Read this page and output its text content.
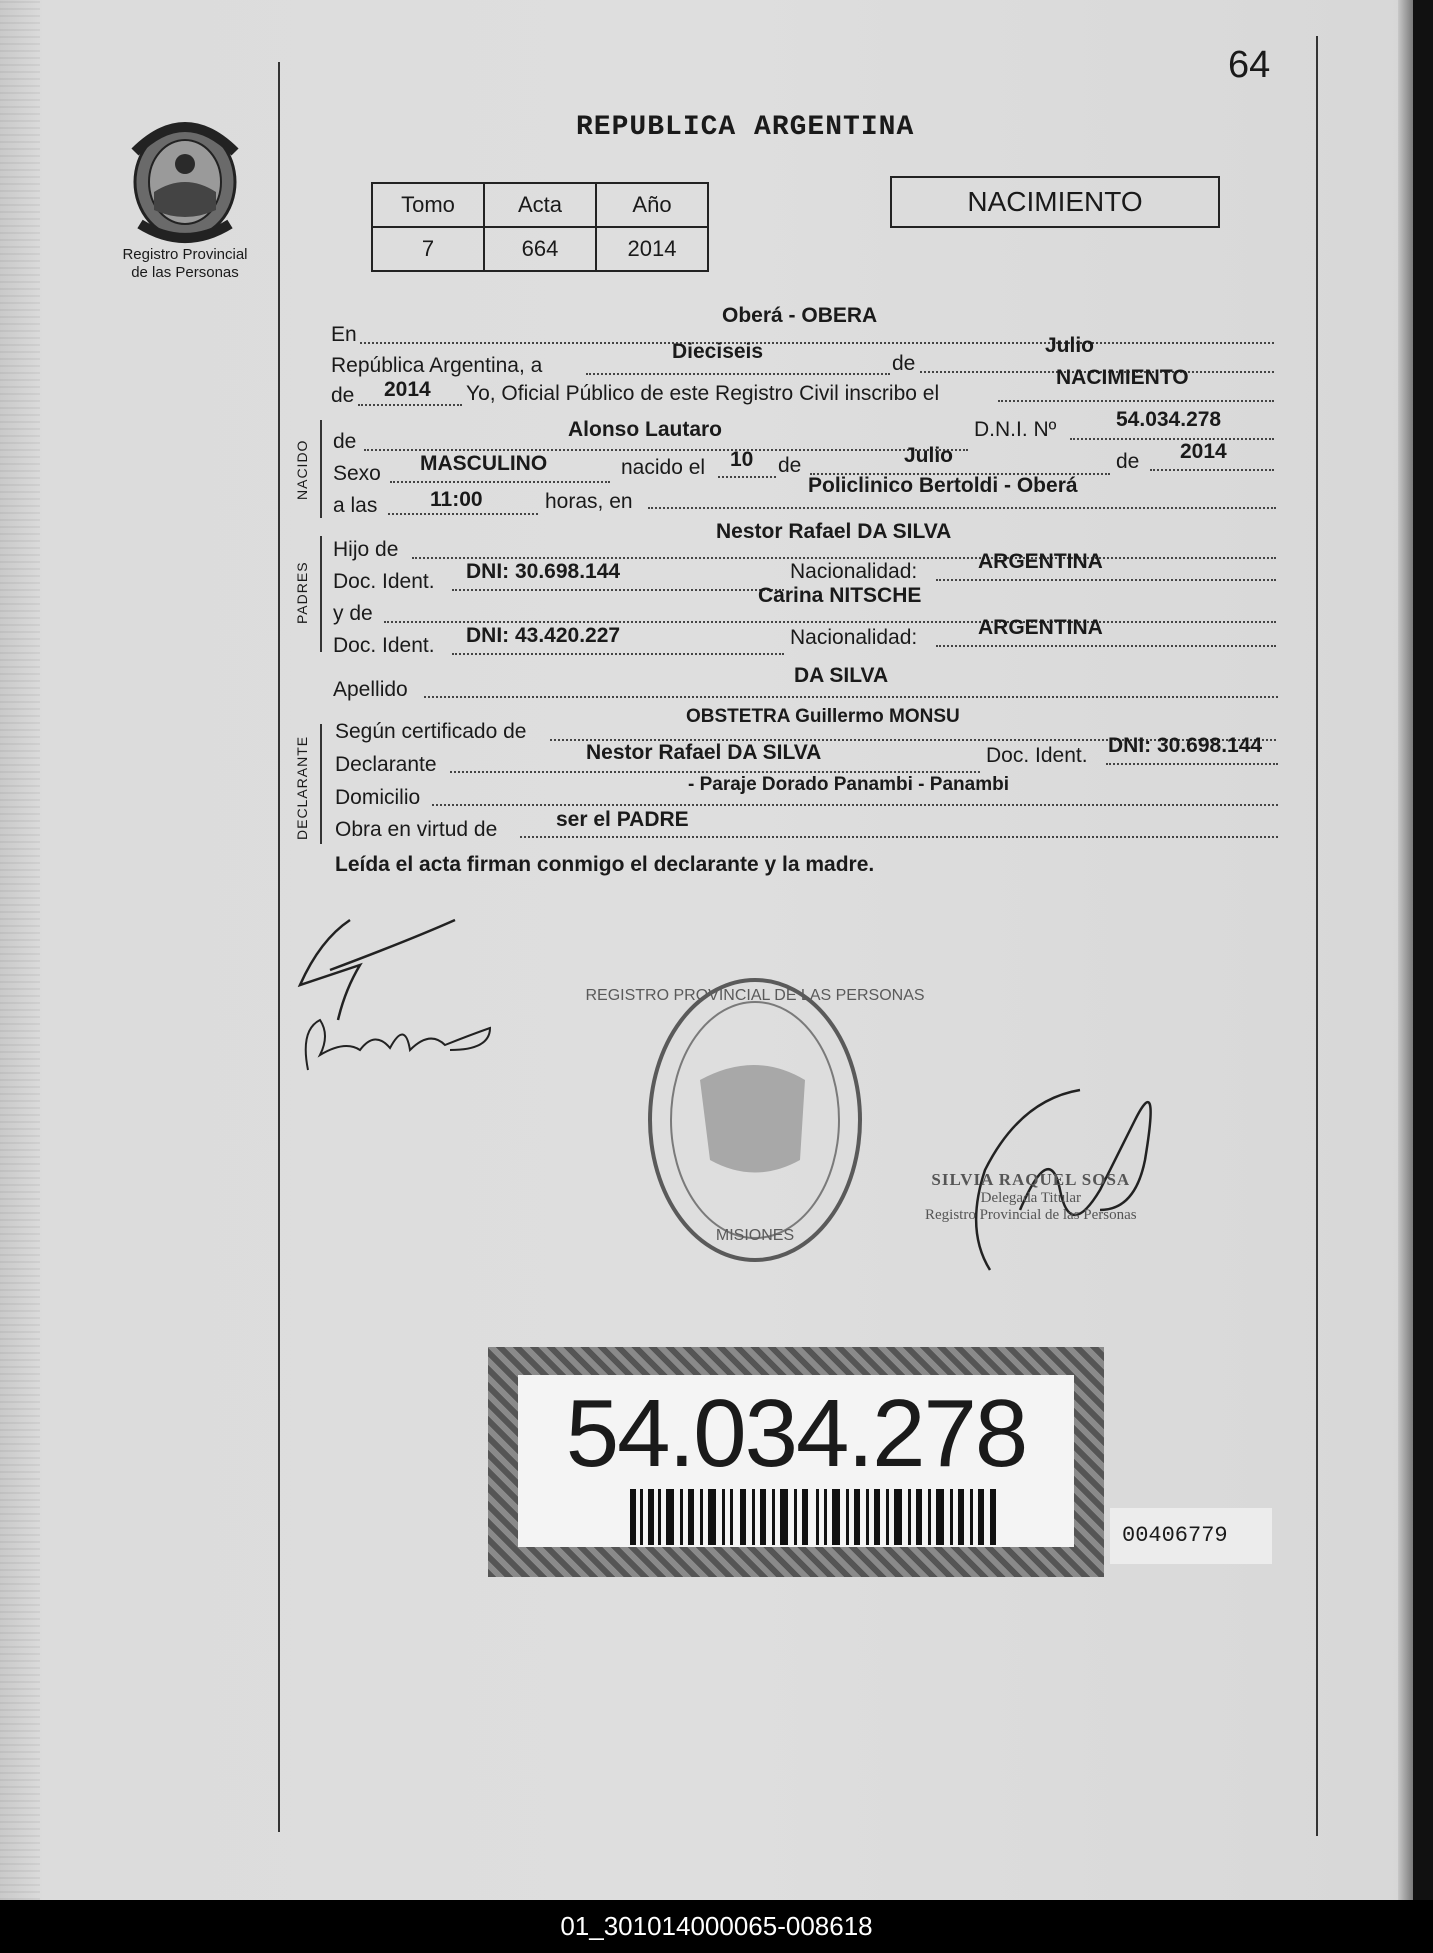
64
Registro Provincial
de las Personas
REPUBLICA ARGENTINA
Tomo	Acta	Año
7	664	2014
NACIMIENTO
En
Oberá - OBERA
República Argentina, a
Dieciseis
de
Julio
de 2014 Yo, Oficial Público de este Registro Civil inscribo el
NACIMIENTO
NACIDO de
Alonso Lautaro	D.N.I. Nº	54.034.278
Sexo MASCULINO	nacido el 10 de	Julio	de 2014
a las	11:00	horas, en
Policlinico Bertoldi - Oberá
PADRES
Hijo de
Nestor Rafael DA SILVA
Doc. Ident. DNI: 30.698.144	Nacionalidad:	ARGENTINA
y de
Carina NITSCHE
Doc. Ident. DNI: 43.420.227	Nacionalidad:	ARGENTINA
Apellido
DA SILVA
DECLARANTE
Según certificado de
OBSTETRA Guillermo MONSU
Declarante
Nestor Rafael DA SILVA	Doc. Ident. DNI: 30.698.144
Domicilio
- Paraje Dorado Panambi - Panambi
Obra en virtud de	ser el PADRE
Leída el acta firman conmigo el declarante y la madre.
REGISTRO PROVINCIAL DE LAS PERSONAS
MISIONES
SILVIA RAQUEL SOSA
Delegada Titular
Registro Provincial de las Personas
54.034.278
00406779
01_301014000065-008618
